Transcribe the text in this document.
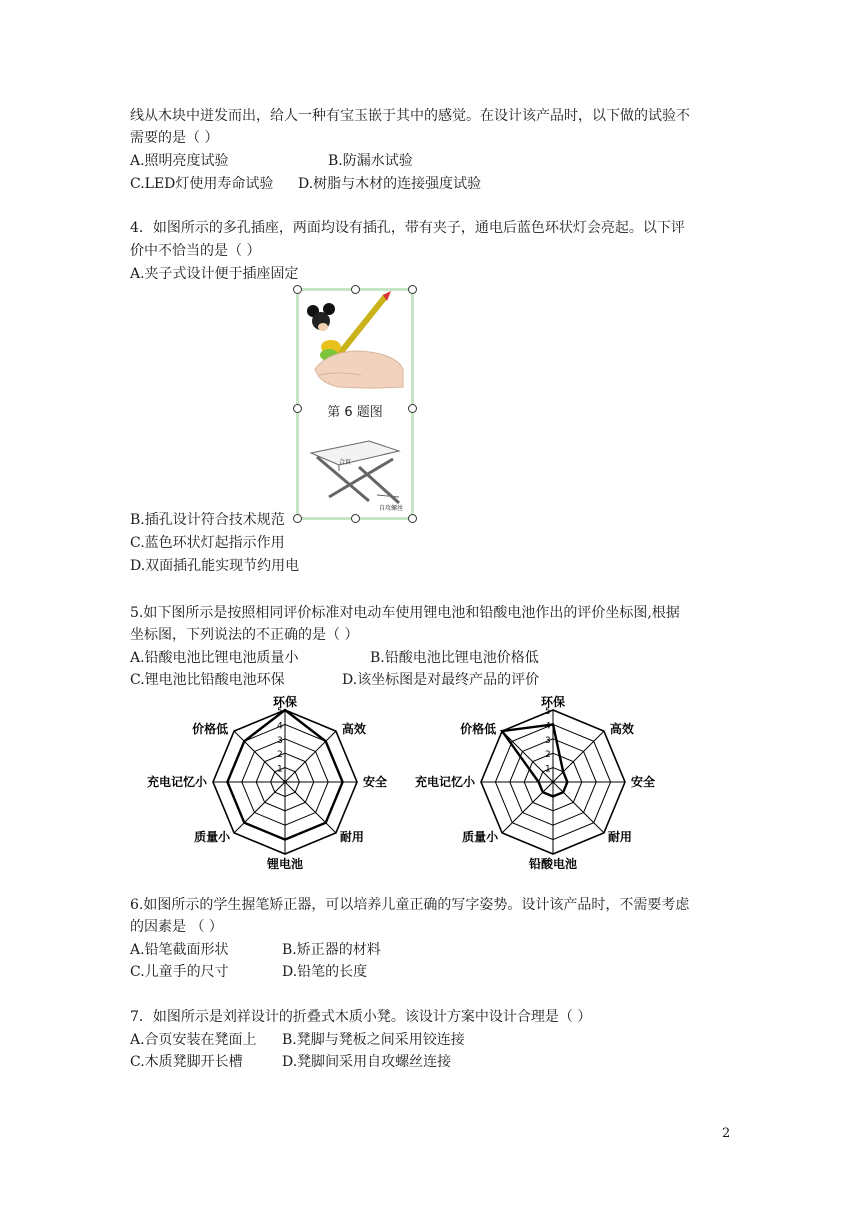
线从木块中迸发而出，给人一种有宝玉嵌于其中的感觉。在设计该产品时，以下做的试验不
需要的是（ ）
A.照明亮度试验	B.防漏水试验
C.LED灯使用寿命试验 D.树脂与木材的连接强度试验
4．如图所示的多孔插座，两面均设有插孔，带有夹子，通电后蓝色环状灯会亮起。以下评
价中不恰当的是（ ）
A.夹子式设计便于插座固定
B.插孔设计符合技术规范
C.蓝色环状灯起指示作用
D.双面插孔能实现节约用电
第 6 题图
合页
自攻螺丝
5.如下图所示是按照相同评价标准对电动车使用锂电池和铅酸电池作出的评价坐标图,根据
坐标图，下列说法的不正确的是（ ）
A.铅酸电池比锂电池质量小	B.铅酸电池比锂电池价格低
C.锂电池比铅酸电池环保	D.该坐标图是对最终产品的评价
1
2
3
4
5
环保
高效
安全
耐用
锂电池
质量小
充电记忆小
价格低
1
2
3
4
5
环保
高效
安全
耐用
铅酸电池
质量小
充电记忆小
价格低
6.如图所示的学生握笔矫正器，可以培养儿童正确的写字姿势。设计该产品时，不需要考虑
的因素是 （ ）
A.铅笔截面形状	B.矫正器的材料
C.儿童手的尺寸	D.铅笔的长度
7．如图所示是刘祥设计的折叠式木质小凳。该设计方案中设计合理是（ ）
A.合页安装在凳面上 B.凳脚与凳板之间采用铰连接
C.木质凳脚开长槽	D.凳脚间采用自攻螺丝连接
2
